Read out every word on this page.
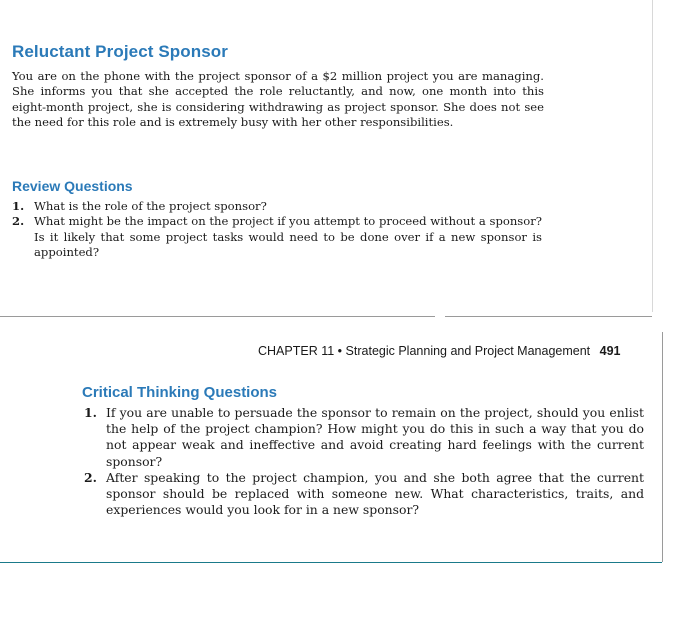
Reluctant Project Sponsor
You are on the phone with the project sponsor of a $2 million project you are managing. She informs you that she accepted the role reluctantly, and now, one month into this eight-month project, she is considering withdrawing as project sponsor. She does not see the need for this role and is extremely busy with her other responsibilities.
Review Questions
1. What is the role of the project sponsor?
2. What might be the impact on the project if you attempt to proceed without a sponsor? Is it likely that some project tasks would need to be done over if a new sponsor is appointed?
CHAPTER 11 • Strategic Planning and Project Management 491
Critical Thinking Questions
1. If you are unable to persuade the sponsor to remain on the project, should you enlist the help of the project champion? How might you do this in such a way that you do not appear weak and ineffective and avoid creating hard feelings with the current sponsor?
2. After speaking to the project champion, you and she both agree that the current sponsor should be replaced with someone new. What characteristics, traits, and experiences would you look for in a new sponsor?
